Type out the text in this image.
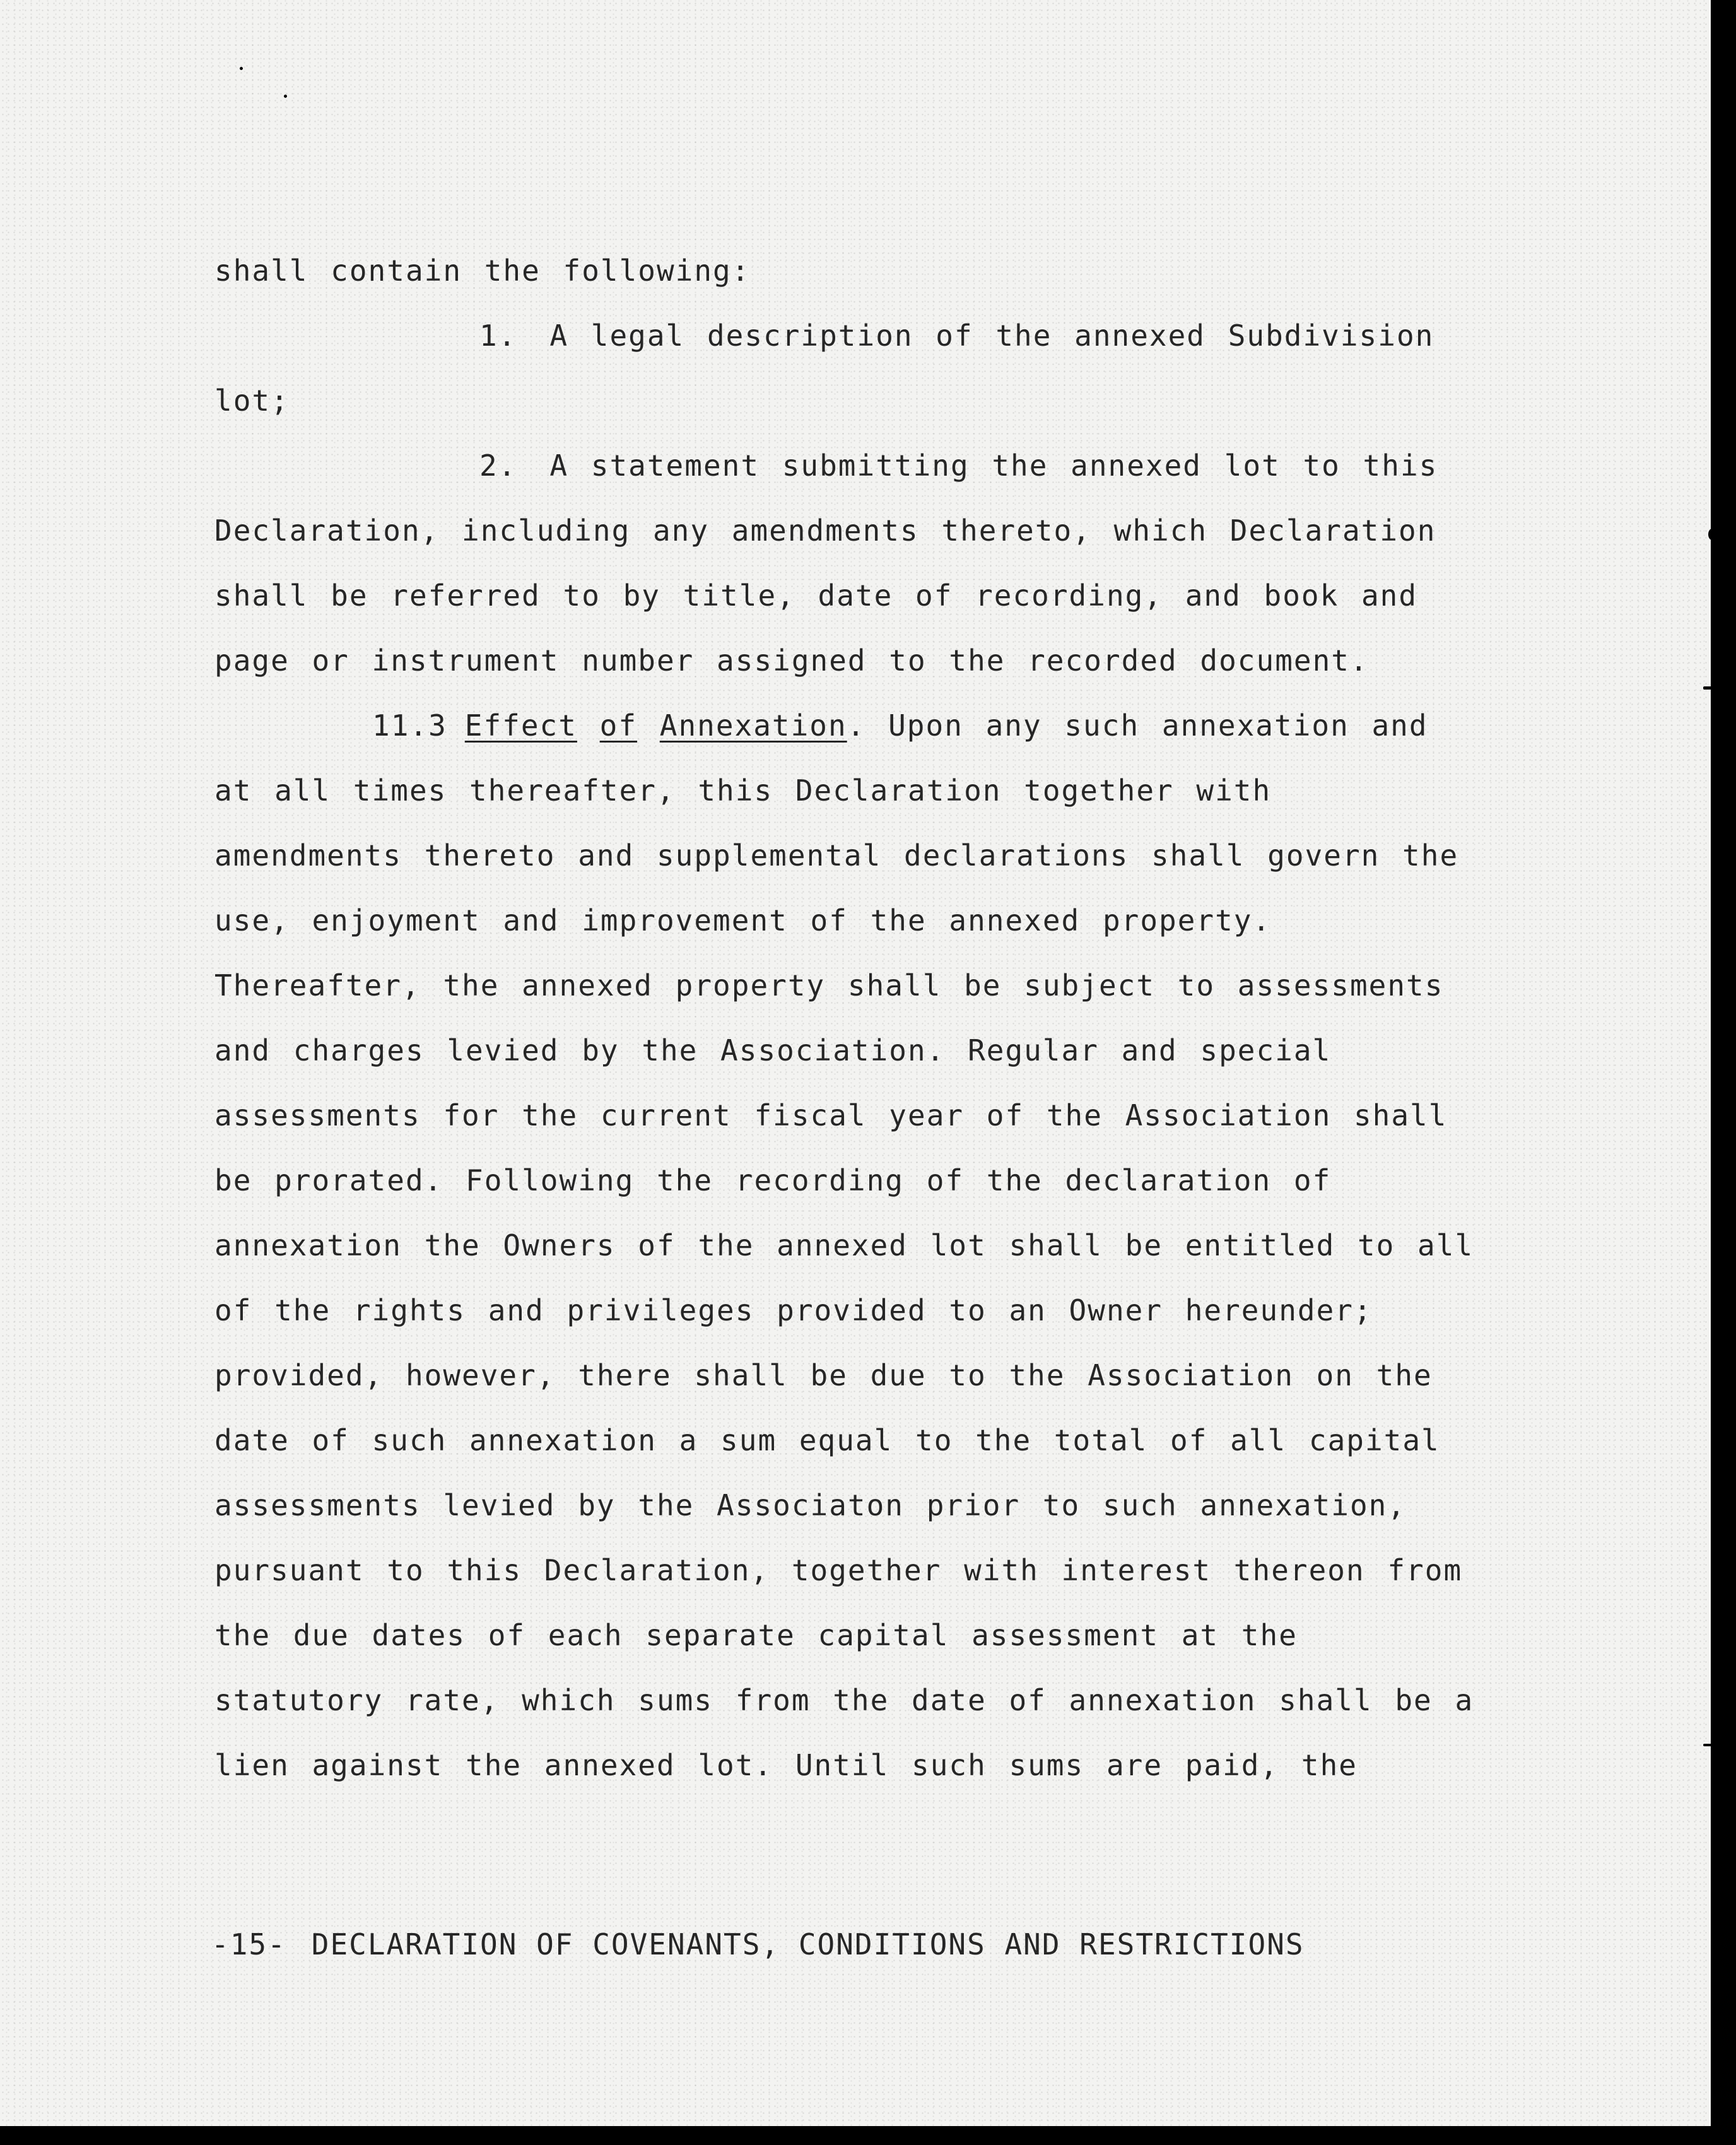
shall contain the following:
1. A legal description of the annexed Subdivision
lot;
2. A statement submitting the annexed lot to this
Declaration, including any amendments thereto, which Declaration
shall be referred to by title, date of recording, and book and
page or instrument number assigned to the recorded document.
11.3 Effect of Annexation. Upon any such annexation and
at all times thereafter, this Declaration together with
amendments thereto and supplemental declarations shall govern the
use, enjoyment and improvement of the annexed property.
Thereafter, the annexed property shall be subject to assessments
and charges levied by the Association. Regular and special
assessments for the current fiscal year of the Association shall
be prorated. Following the recording of the declaration of
annexation the Owners of the annexed lot shall be entitled to all
of the rights and privileges provided to an Owner hereunder;
provided, however, there shall be due to the Association on the
date of such annexation a sum equal to the total of all capital
assessments levied by the Associaton prior to such annexation,
pursuant to this Declaration, together with interest thereon from
the due dates of each separate capital assessment at the
statutory rate, which sums from the date of annexation shall be a
lien against the annexed lot. Until such sums are paid, the
-15- DECLARATION OF COVENANTS, CONDITIONS AND RESTRICTIONS
